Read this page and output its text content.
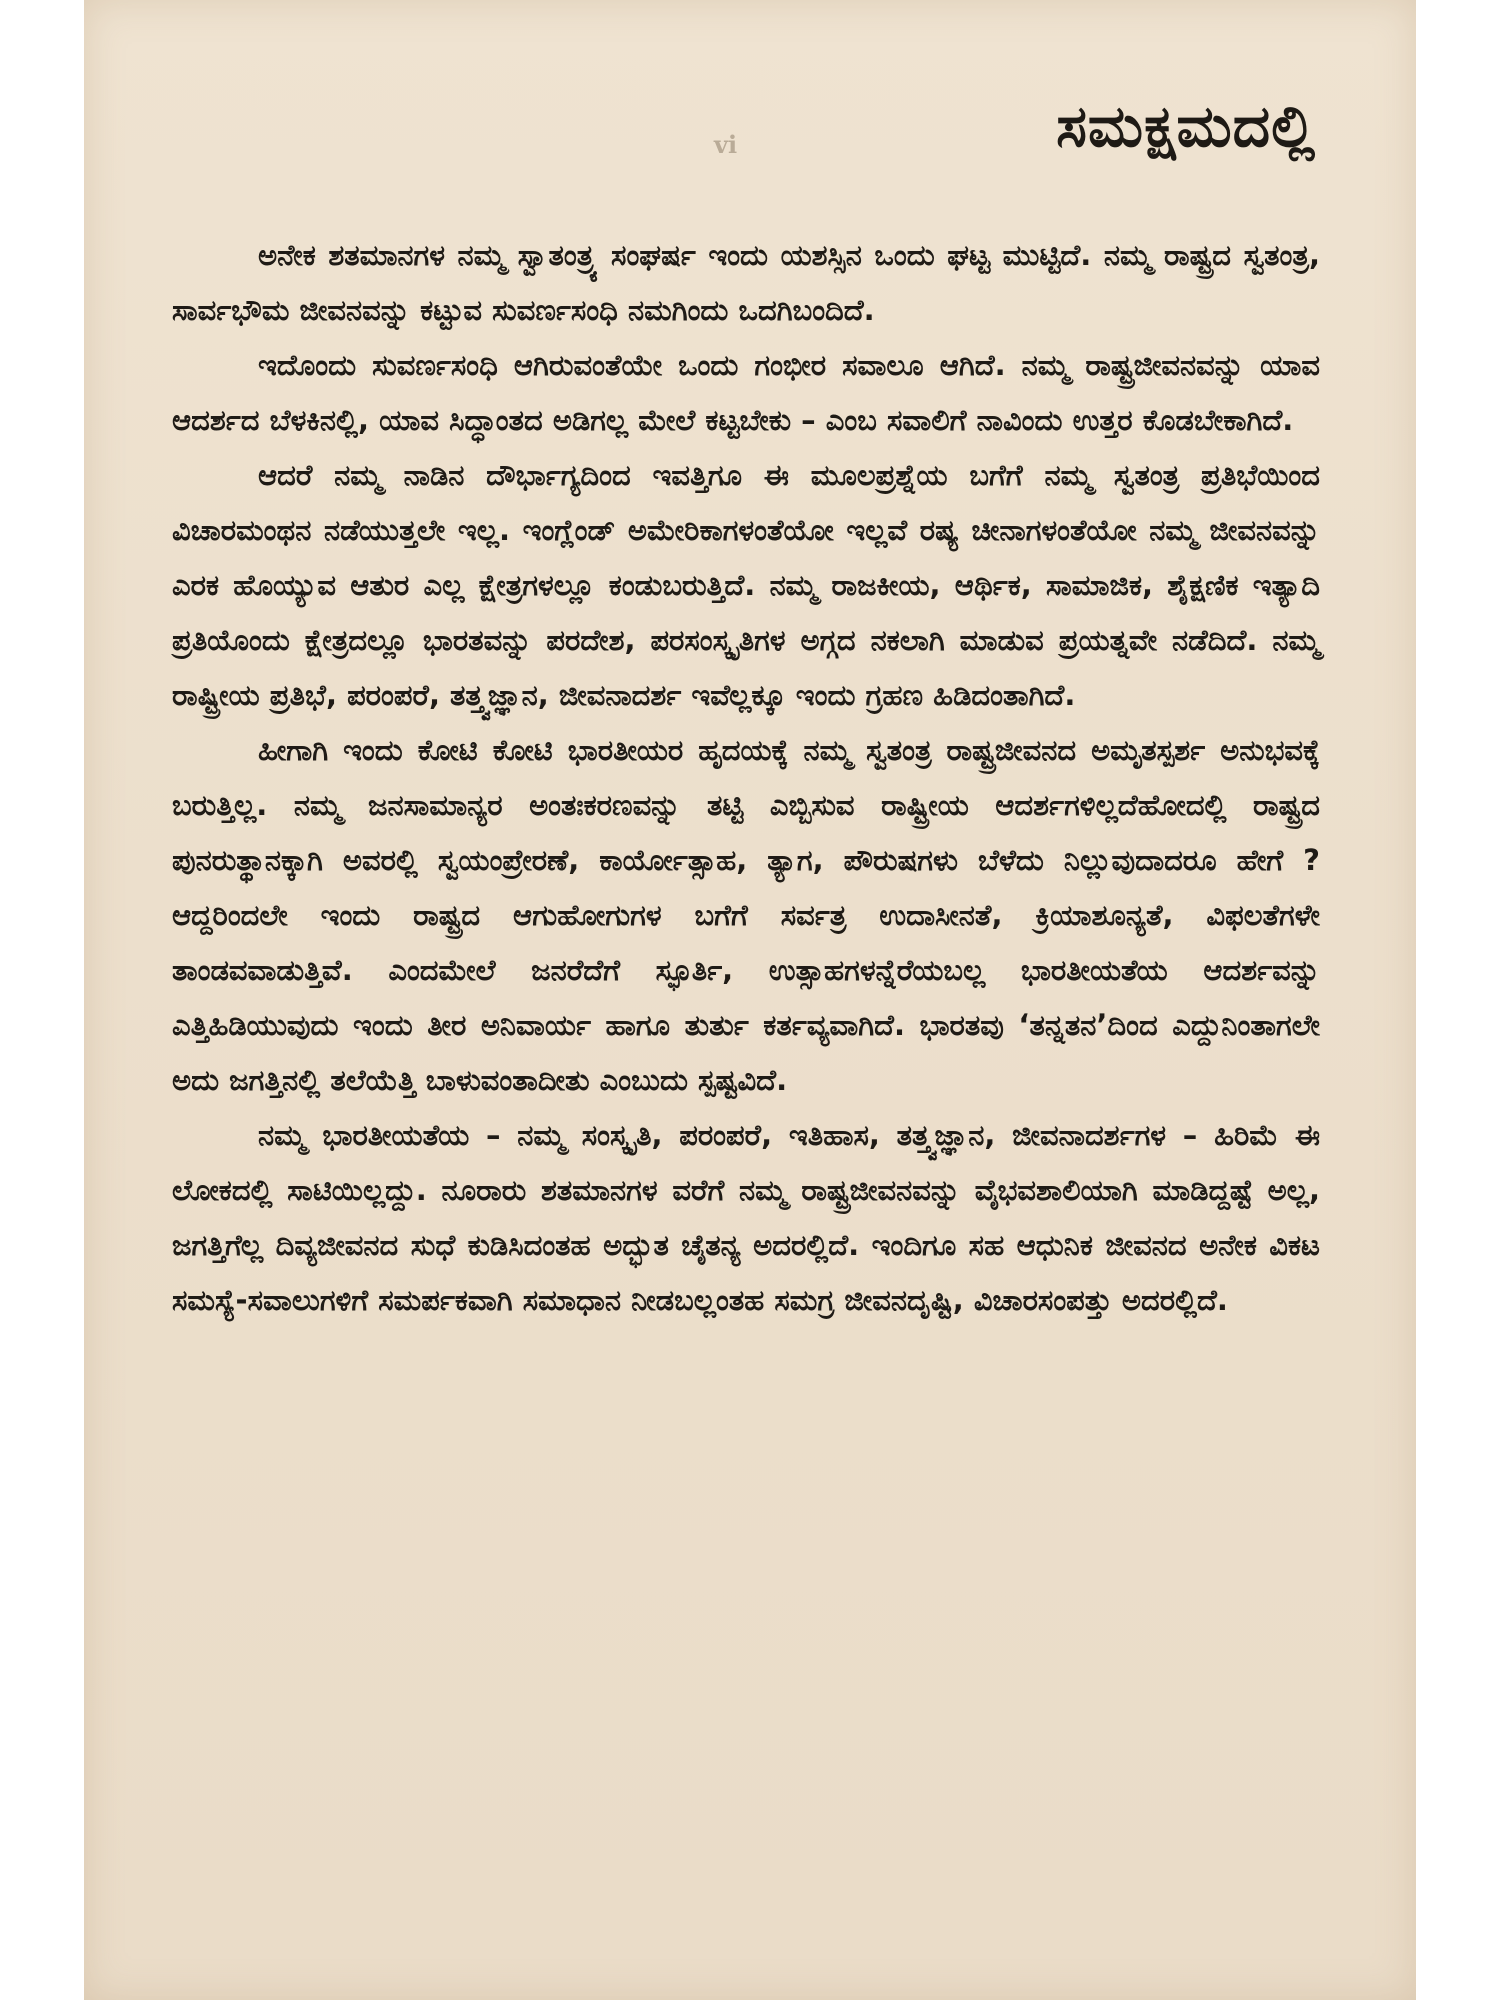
ಸಮಕ್ಷಮದಲ್ಲಿ
vi

ಅನೇಕ ಶತಮಾನಗಳ ನಮ್ಮ ಸ್ವಾತಂತ್ರ್ಯ ಸಂಘರ್ಷ ಇಂದು ಯಶಸ್ಸಿನ ಒಂದು ಘಟ್ಟ ಮುಟ್ಟಿದೆ. ನಮ್ಮ ರಾಷ್ಟ್ರದ ಸ್ವತಂತ್ರ, ಸಾರ್ವಭೌಮ ಜೀವನವನ್ನು ಕಟ್ಟುವ ಸುವರ್ಣಸಂಧಿ ನಮಗಿಂದು ಒದಗಿಬಂದಿದೆ.

ಇದೊಂದು ಸುವರ್ಣಸಂಧಿ ಆಗಿರುವಂತೆಯೇ ಒಂದು ಗಂಭೀರ ಸವಾಲೂ ಆಗಿದೆ. ನಮ್ಮ ರಾಷ್ಟ್ರಜೀವನವನ್ನು ಯಾವ ಆದರ್ಶದ ಬೆಳಕಿನಲ್ಲಿ, ಯಾವ ಸಿದ್ಧಾಂತದ ಅಡಿಗಲ್ಲ ಮೇಲೆ ಕಟ್ಟಬೇಕು – ಎಂಬ ಸವಾಲಿಗೆ ನಾವಿಂದು ಉತ್ತರ ಕೊಡಬೇಕಾಗಿದೆ.

ಆದರೆ ನಮ್ಮ ನಾಡಿನ ದೌರ್ಭಾಗ್ಯದಿಂದ ಇವತ್ತಿಗೂ ಈ ಮೂಲಪ್ರಶ್ನೆಯ ಬಗೆಗೆ ನಮ್ಮ ಸ್ವತಂತ್ರ ಪ್ರತಿಭೆಯಿಂದ ವಿಚಾರಮಂಥನ ನಡೆಯುತ್ತಲೇ ಇಲ್ಲ. ಇಂಗ್ಲೆಂಡ್ ಅಮೇರಿಕಾಗಳಂತೆಯೋ ಇಲ್ಲವೆ ರಷ್ಯ ಚೀನಾಗಳಂತೆಯೋ ನಮ್ಮ ಜೀವನವನ್ನು ಎರಕ ಹೊಯ್ಯುವ ಆತುರ ಎಲ್ಲ ಕ್ಷೇತ್ರಗಳಲ್ಲೂ ಕಂಡುಬರುತ್ತಿದೆ. ನಮ್ಮ ರಾಜಕೀಯ, ಆರ್ಥಿಕ, ಸಾಮಾಜಿಕ, ಶೈಕ್ಷಣಿಕ ಇತ್ಯಾದಿ ಪ್ರತಿಯೊಂದು ಕ್ಷೇತ್ರದಲ್ಲೂ ಭಾರತವನ್ನು ಪರದೇಶ, ಪರಸಂಸ್ಕೃತಿಗಳ ಅಗ್ಗದ ನಕಲಾಗಿ ಮಾಡುವ ಪ್ರಯತ್ನವೇ ನಡೆದಿದೆ. ನಮ್ಮ ರಾಷ್ಟ್ರೀಯ ಪ್ರತಿಭೆ, ಪರಂಪರೆ, ತತ್ತ್ವಜ್ಞಾನ, ಜೀವನಾದರ್ಶ ಇವೆಲ್ಲಕ್ಕೂ ಇಂದು ಗ್ರಹಣ ಹಿಡಿದಂತಾಗಿದೆ.

ಹೀಗಾಗಿ ಇಂದು ಕೋಟಿ ಕೋಟಿ ಭಾರತೀಯರ ಹೃದಯಕ್ಕೆ ನಮ್ಮ ಸ್ವತಂತ್ರ ರಾಷ್ಟ್ರಜೀವನದ ಅಮೃತಸ್ಪರ್ಶ ಅನುಭವಕ್ಕೆ ಬರುತ್ತಿಲ್ಲ. ನಮ್ಮ ಜನಸಾಮಾನ್ಯರ ಅಂತಃಕರಣವನ್ನು ತಟ್ಟಿ ಎಬ್ಬಿಸುವ ರಾಷ್ಟ್ರೀಯ ಆದರ್ಶಗಳಿಲ್ಲದೆಹೋದಲ್ಲಿ ರಾಷ್ಟ್ರದ ಪುನರುತ್ಥಾನಕ್ಕಾಗಿ ಅವರಲ್ಲಿ ಸ್ವಯಂಪ್ರೇರಣೆ, ಕಾರ್ಯೋತ್ಸಾಹ, ತ್ಯಾಗ, ಪೌರುಷಗಳು ಬೆಳೆದು ನಿಲ್ಲುವುದಾದರೂ ಹೇಗೆ ? ಆದ್ದರಿಂದಲೇ ಇಂದು ರಾಷ್ಟ್ರದ ಆಗುಹೋಗುಗಳ ಬಗೆಗೆ ಸರ್ವತ್ರ ಉದಾಸೀನತೆ, ಕ್ರಿಯಾಶೂನ್ಯತೆ, ವಿಫಲತೆಗಳೇ ತಾಂಡವವಾಡುತ್ತಿವೆ. ಎಂದಮೇಲೆ ಜನರೆದೆಗೆ ಸ್ಫೂರ್ತಿ, ಉತ್ಸಾಹಗಳನ್ನೆರೆಯಬಲ್ಲ ಭಾರತೀಯತೆಯ ಆದರ್ಶವನ್ನು ಎತ್ತಿಹಿಡಿಯುವುದು ಇಂದು ತೀರ ಅನಿವಾರ್ಯ ಹಾಗೂ ತುರ್ತು ಕರ್ತವ್ಯವಾಗಿದೆ. ಭಾರತವು ‘ತನ್ನತನ’ದಿಂದ ಎದ್ದುನಿಂತಾಗಲೇ ಅದು ಜಗತ್ತಿನಲ್ಲಿ ತಲೆಯೆತ್ತಿ ಬಾಳುವಂತಾದೀತು ಎಂಬುದು ಸ್ಪಷ್ಟವಿದೆ.

ನಮ್ಮ ಭಾರತೀಯತೆಯ – ನಮ್ಮ ಸಂಸ್ಕೃತಿ, ಪರಂಪರೆ, ಇತಿಹಾಸ, ತತ್ತ್ವಜ್ಞಾನ, ಜೀವನಾದರ್ಶಗಳ – ಹಿರಿಮೆ ಈ ಲೋಕದಲ್ಲಿ ಸಾಟಿಯಿಲ್ಲದ್ದು. ನೂರಾರು ಶತಮಾನಗಳ ವರೆಗೆ ನಮ್ಮ ರಾಷ್ಟ್ರಜೀವನವನ್ನು ವೈಭವಶಾಲಿಯಾಗಿ ಮಾಡಿದ್ದಷ್ಟೆ ಅಲ್ಲ, ಜಗತ್ತಿಗೆಲ್ಲ ದಿವ್ಯಜೀವನದ ಸುಧೆ ಕುಡಿಸಿದಂತಹ ಅದ್ಭುತ ಚೈತನ್ಯ ಅದರಲ್ಲಿದೆ. ಇಂದಿಗೂ ಸಹ ಆಧುನಿಕ ಜೀವನದ ಅನೇಕ ವಿಕಟ ಸಮಸ್ಯೆ-ಸವಾಲುಗಳಿಗೆ ಸಮರ್ಪಕವಾಗಿ ಸಮಾಧಾನ ನೀಡಬಲ್ಲಂತಹ ಸಮಗ್ರ ಜೀವನದೃಷ್ಟಿ, ವಿಚಾರಸಂಪತ್ತು ಅದರಲ್ಲಿದೆ.
